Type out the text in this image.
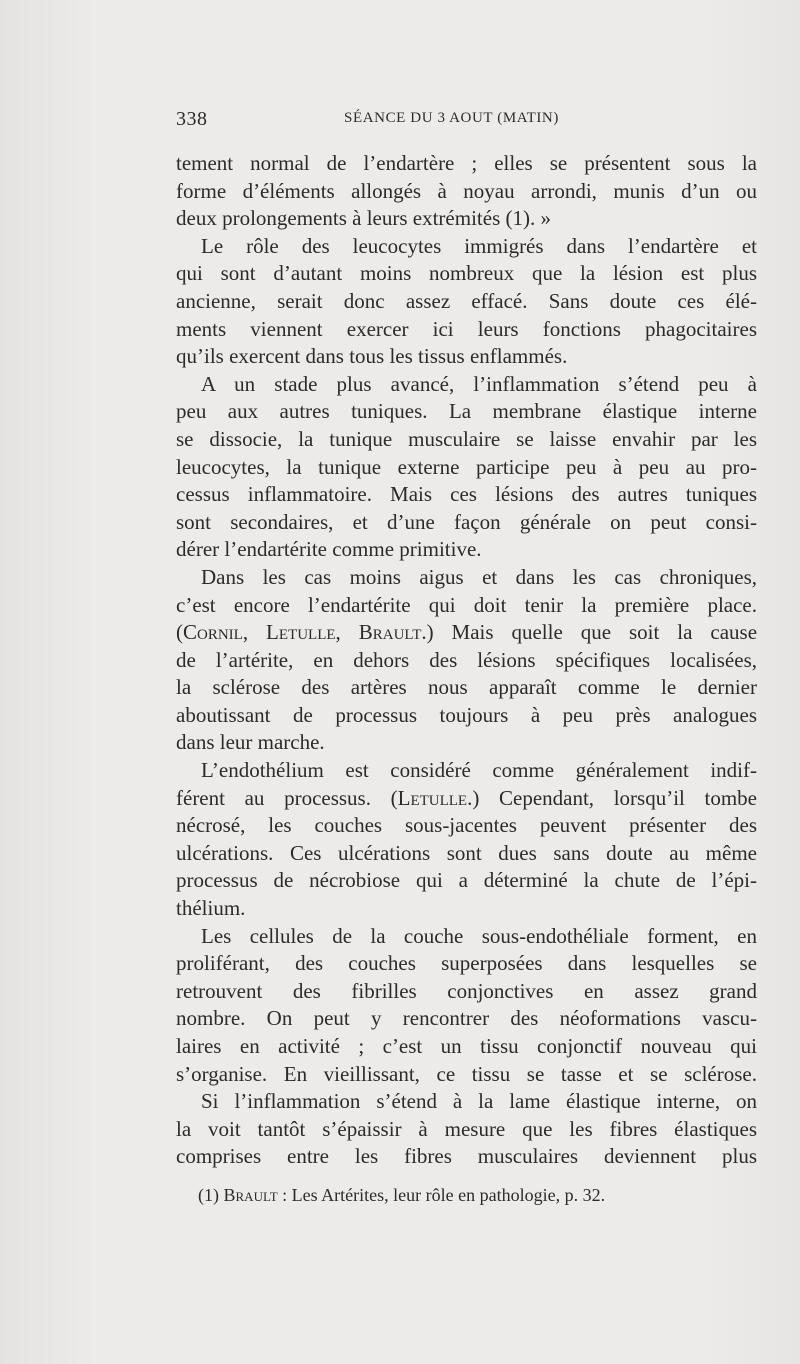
338	SÉANCE DU 3 AOUT (MATIN)
tement normal de l’endartère ; elles se présentent sous la
forme d’éléments allongés à noyau arrondi, munis d’un ou
deux prolongements à leurs extrémités (1). »
Le rôle des leucocytes immigrés dans l’endartère et
qui sont d’autant moins nombreux que la lésion est plus
ancienne, serait donc assez effacé. Sans doute ces élé-
ments viennent exercer ici leurs fonctions phagocitaires
qu’ils exercent dans tous les tissus enflammés.
A un stade plus avancé, l’inflammation s’étend peu à
peu aux autres tuniques. La membrane élastique interne
se dissocie, la tunique musculaire se laisse envahir par les
leucocytes, la tunique externe participe peu à peu au pro-
cessus inflammatoire. Mais ces lésions des autres tuniques
sont secondaires, et d’une façon générale on peut consi-
dérer l’endartérite comme primitive.
Dans les cas moins aigus et dans les cas chroniques,
c’est encore l’endartérite qui doit tenir la première place.
(Cornil, Letulle, Brault.) Mais quelle que soit la cause
de l’artérite, en dehors des lésions spécifiques localisées,
la sclérose des artères nous apparaît comme le dernier
aboutissant de processus toujours à peu près analogues
dans leur marche.
L’endothélium est considéré comme généralement indif-
férent au processus. (Letulle.) Cependant, lorsqu’il tombe
nécrosé, les couches sous-jacentes peuvent présenter des
ulcérations. Ces ulcérations sont dues sans doute au même
processus de nécrobiose qui a déterminé la chute de l’épi-
thélium.
Les cellules de la couche sous-endothéliale forment, en
proliférant, des couches superposées dans lesquelles se
retrouvent des fibrilles conjonctives en assez grand
nombre. On peut y rencontrer des néoformations vascu-
laires en activité ; c’est un tissu conjonctif nouveau qui
s’organise. En vieillissant, ce tissu se tasse et se sclérose.
Si l’inflammation s’étend à la lame élastique interne, on
la voit tantôt s’épaissir à mesure que les fibres élastiques
comprises entre les fibres musculaires deviennent plus
(1) Brault : Les Artérites, leur rôle en pathologie, p. 32.
